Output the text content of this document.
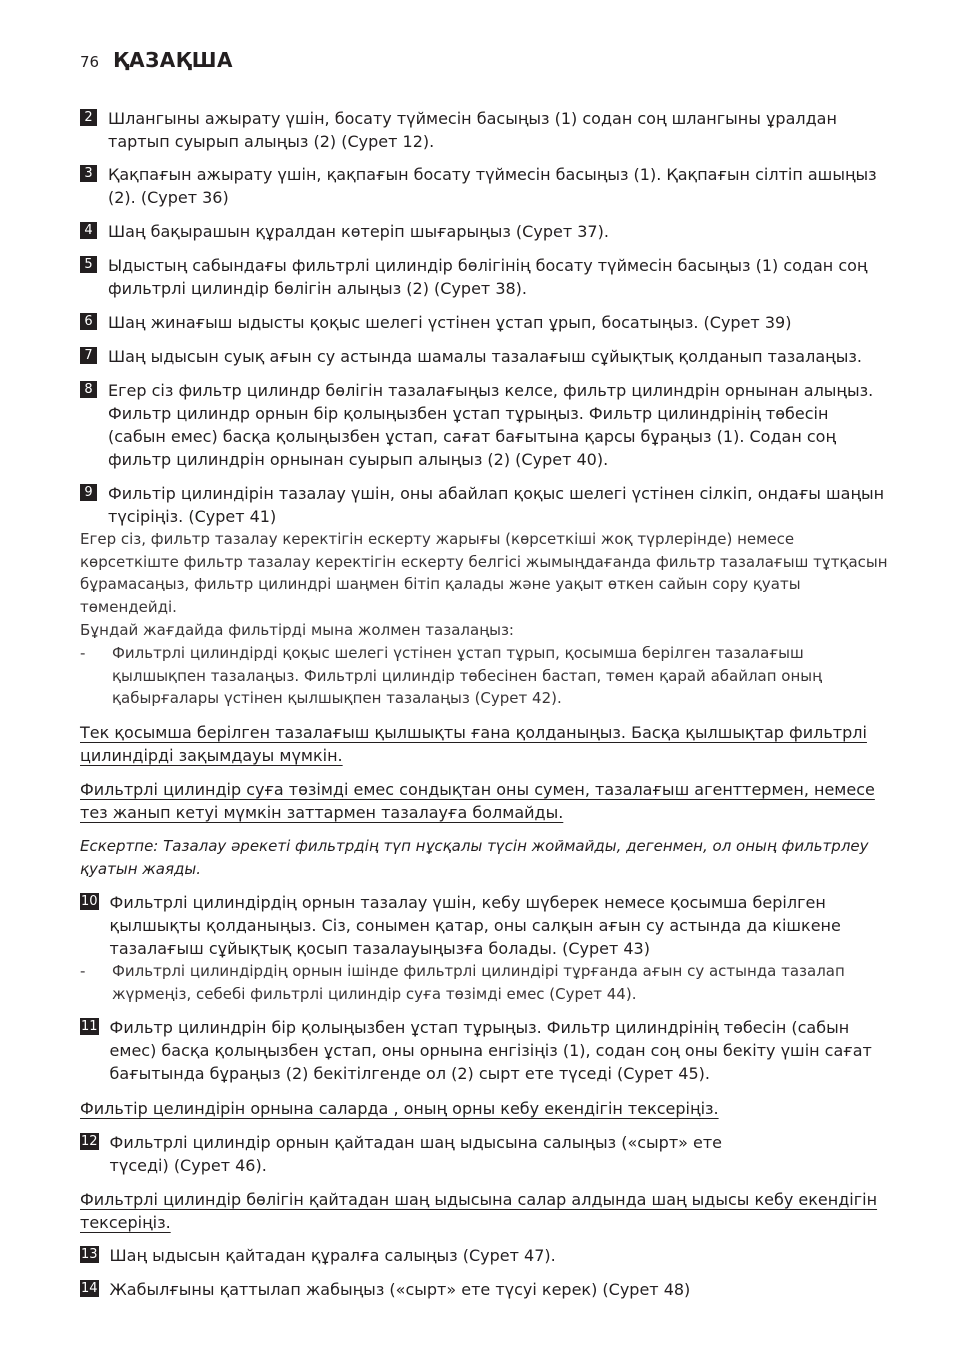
76 ҚАЗАҚША
2 Шлангыны ажырату үшін, босату түймесін басыңыз (1) содан соң шлангыны ұралдан тартып суырып алыңыз (2) (Сурет 12).
3 Қақпағын ажырату үшін, қақпағын босату түймесін басыңыз (1). Қақпағын сілтіп ашыңыз (2). (Сурет 36)
4 Шаң бақырашын құралдан көтеріп шығарыңыз (Сурет 37).
5 Ыдыстың сабындағы фильтрлі цилиндір бөлігінің босату түймесін басыңыз (1) содан соң фильтрлі цилиндір бөлігін алыңыз (2) (Сурет 38).
6 Шаң жинағыш ыдысты қоқыс шелегі үстінен ұстап ұрып, босатыңыз. (Сурет 39)
7 Шаң ыдысын суық ағын су астында шамалы тазалағыш сұйықтық қолданып тазалаңыз.
8 Егер сіз фильтр цилиндр бөлігін тазалағыңыз келсе, фильтр цилиндрін орнынан алыңыз. Фильтр цилиндр орнын бір қолыңызбен ұстап тұрыңыз. Фильтр цилиндрінің төбесін (сабын емес) басқа қолыңызбен ұстап, сағат бағытына қарсы бұраңыз (1). Содан соң фильтр цилиндрін орнынан суырып алыңыз (2) (Сурет 40).
9 Фильтір цилиндірін тазалау үшін, оны абайлап қоқыс шелегі үстінен сілкіп, ондағы шаңын түсіріңіз. (Сурет 41)
Егер сіз, фильтр тазалау керектігін ескерту жарығы (көрсеткіші жоқ түрлерінде) немесе көрсеткіште фильтр тазалау керектігін ескерту белгісі жымыңдағанда фильтр тазалағыш тұтқасын бұрамасаңыз, фильтр цилиндрі шаңмен бітіп қалады және уақыт өткен сайын сору қуаты төмендейді.
Бұндай жағдайда фильтірді мына жолмен тазалаңыз:
-	Фильтрлі цилиндірді қоқыс шелегі үстінен ұстап тұрып, қосымша берілген тазалағыш қылшықпен тазалаңыз. Фильтрлі цилиндір төбесінен бастап, төмен қарай абайлап оның қабырғалары үстінен қылшықпен тазалаңыз (Сурет 42).
Тек қосымша берілген тазалағыш қылшықты ғана қолданыңыз. Басқа қылшықтар фильтрлі цилиндірді зақымдауы мүмкін.
Фильтрлі цилиндір суға төзімді емес сондықтан оны сумен, тазалағыш агенттермен, немесе тез жанып кетуі мүмкін заттармен тазалауға болмайды.
Ескертпе: Тазалау әрекеті фильтрдің түп нұсқалы түсін жоймайды, дегенмен, ол оның фильтрлеу қуатын жаяды.
10 Фильтрлі цилиндірдің орнын тазалау үшін, кебу шүберек немесе қосымша берілген қылшықты қолданыңыз. Сіз, сонымен қатар, оны салқын ағын су астында да кішкене тазалағыш сұйықтық қосып тазалауыңызға болады. (Сурет 43)
-	Фильтрлі цилиндірдің орнын ішінде фильтрлі цилиндірі тұрғанда ағын су астында тазалап жүрмеңіз, себебі фильтрлі цилиндір суға төзімді емес (Сурет 44).
11 Фильтр цилиндрін бір қолыңызбен ұстап тұрыңыз. Фильтр цилиндрінің төбесін (сабын емес) басқа қолыңызбен ұстап, оны орнына енгізіңіз (1), содан соң оны бекіту үшін сағат бағытында бұраңыз (2) бекітілгенде ол (2) сырт ете түседі (Сурет 45).
Фильтір целиндірін орнына саларда , оның орны кебу екендігін тексеріңіз.
12 Фильтрлі цилиндір орнын қайтадан шаң ыдысына салыңыз («сырт» ете түседі) (Сурет 46).
Фильтрлі цилиндір бөлігін қайтадан шаң ыдысына салар алдында шаң ыдысы кебу екендігін тексеріңіз.
13 Шаң ыдысын қайтадан құралға салыңыз (Сурет 47).
14 Жабылғыны қаттылап жабыңыз («сырт» ете түсуі керек) (Сурет 48)
